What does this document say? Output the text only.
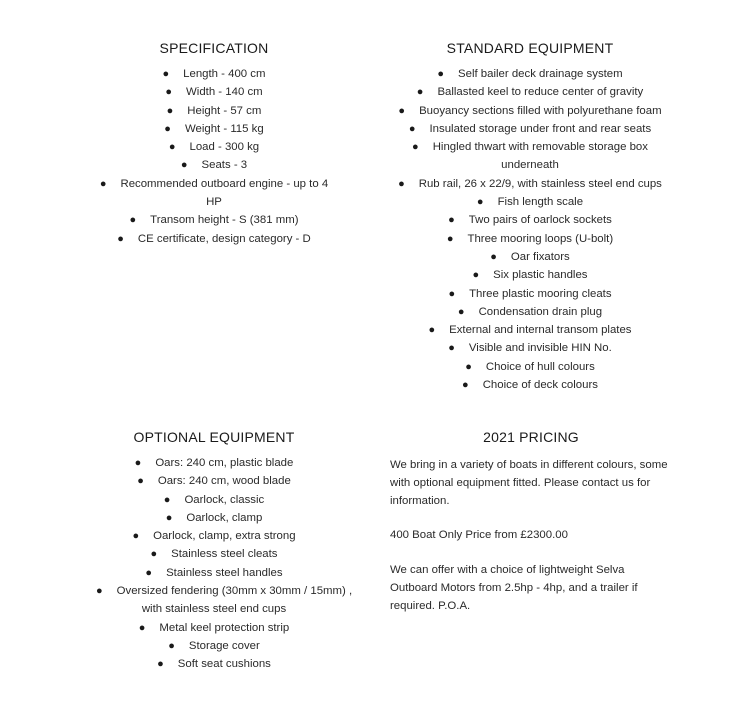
SPECIFICATION
● Length - 400 cm
● Width - 140 cm
● Height - 57 cm
● Weight - 115 kg
● Load - 300 kg
● Seats - 3
● Recommended outboard engine - up to 4 HP
● Transom height - S (381 mm)
● CE certificate, design category - D
STANDARD EQUIPMENT
● Self bailer deck drainage system
● Ballasted keel to reduce center of gravity
● Buoyancy sections filled with polyurethane foam
● Insulated storage under front and rear seats
● Hingled thwart with removable storage box
underneath
● Rub rail, 26 x 22/9, with stainless steel end cups
● Fish length scale
● Two pairs of oarlock sockets
● Three mooring loops (U-bolt)
● Oar fixators
● Six plastic handles
● Three plastic mooring cleats
● Condensation drain plug
● External and internal transom plates
● Visible and invisible HIN No.
● Choice of hull colours
● Choice of deck colours
OPTIONAL EQUIPMENT
● Oars: 240 cm, plastic blade
● Oars: 240 cm, wood blade
● Oarlock, classic
● Oarlock, clamp
● Oarlock, clamp, extra strong
● Stainless steel cleats
● Stainless steel handles
● Oversized fendering (30mm x 30mm / 15mm) ,
with stainless steel end cups
● Metal keel protection strip
● Storage cover
● Soft seat cushions
2021 PRICING

We bring in a variety of boats in different colours, some with optional equipment fitted. Please contact us for information.

400 Boat Only Price from £2300.00

We can offer with a choice of lightweight Selva Outboard Motors from 2.5hp - 4hp, and a trailer if required. P.O.A.
